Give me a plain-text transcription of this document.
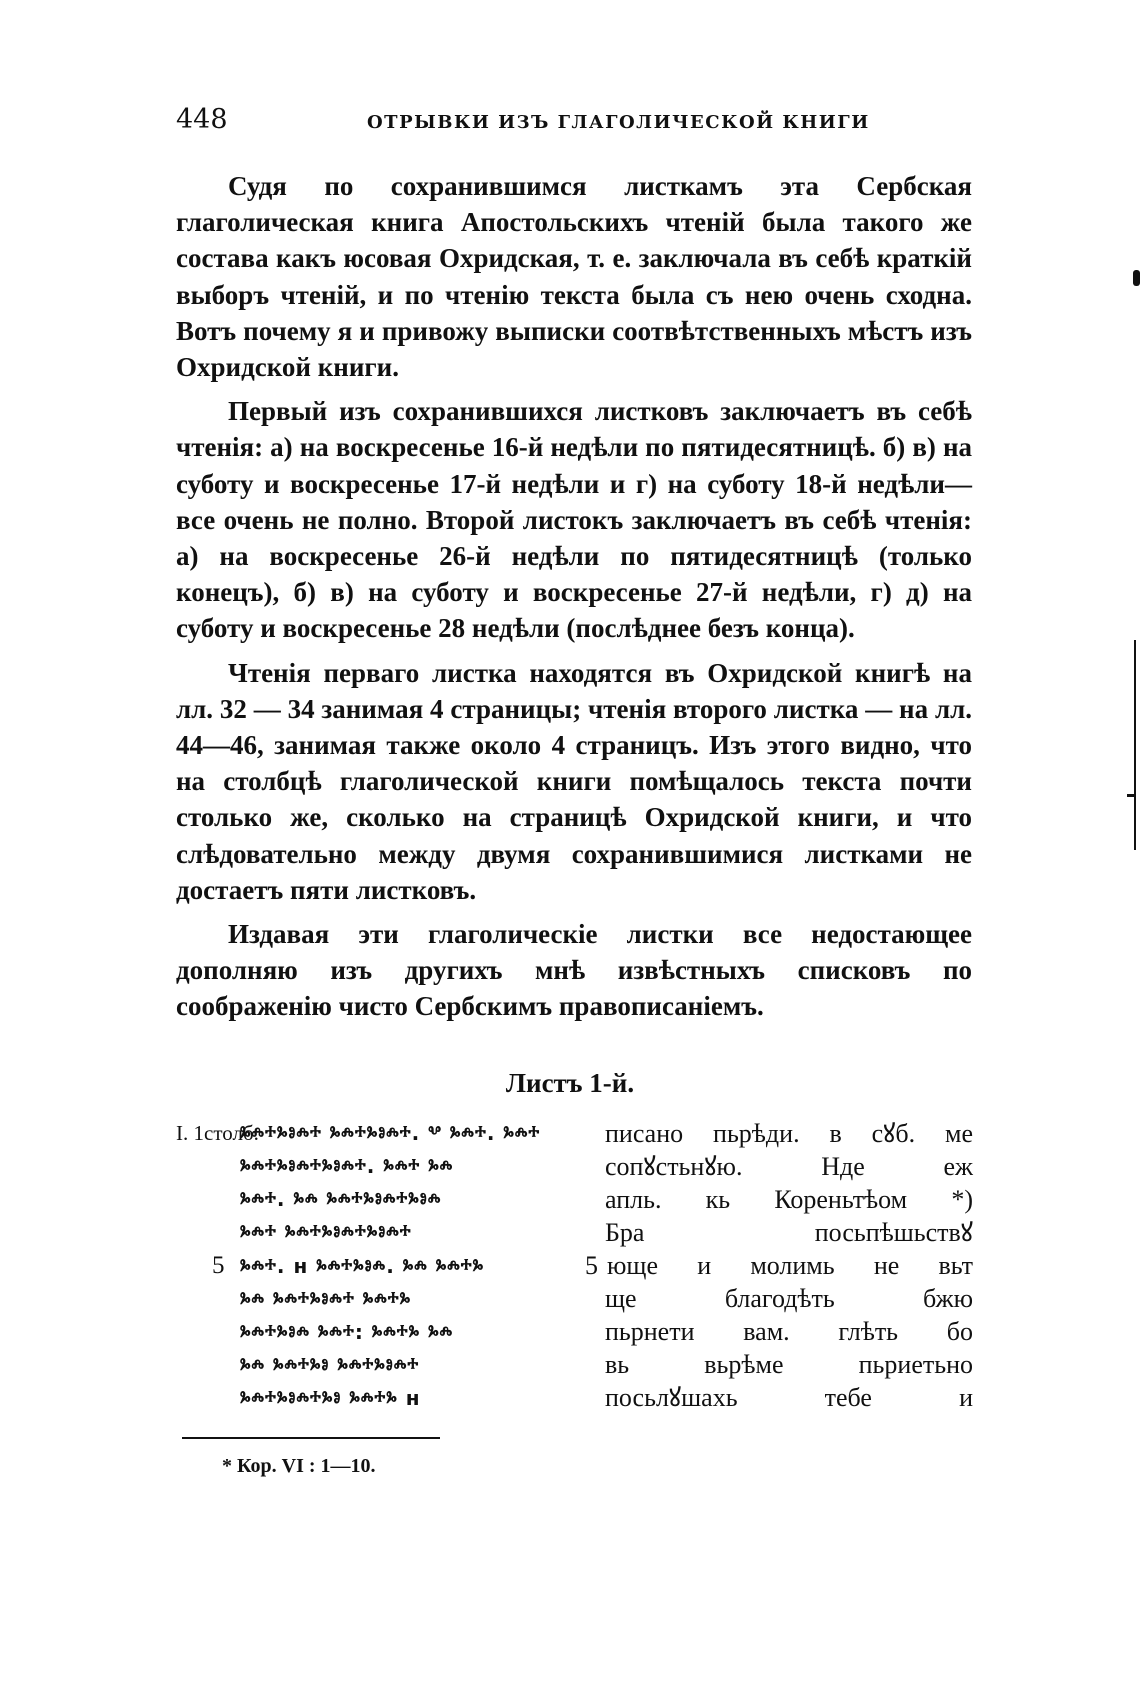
448	ОТРЫВКИ ИЗЪ ГЛАГОЛИЧЕСКОЙ КНИГИ

Судя по сохранившимся листкамъ эта Сербская глаголическая книга Апостольскихъ чтеній была такого же состава какъ юсовая Охридская, т. е. заключала въ себѣ краткій выборъ чтеній, и по чтенію текста была съ нею очень сходна. Вотъ почему я и привожу выписки соотвѣтственныхъ мѣстъ изъ Охридской книги.

Первый изъ сохранившихся листковъ заключаетъ въ себѣ чтенія: а) на воскресенье 16-й недѣли по пятидесятницѣ. б) в) на суботу и воскресенье 17-й недѣли и г) на суботу 18-й недѣли— все очень не полно. Второй листокъ заключаетъ въ себѣ чтенія: а) на воскресенье 26-й недѣли по пятидесятницѣ (только конецъ), б) в) на суботу и воскресенье 27-й недѣли, г) д) на суботу и воскресенье 28 недѣли (послѣднее безъ конца).

Чтенія перваго листка находятся въ Охридской книгѣ на лл. 32 — 34 занимая 4 страницы; чтенія второго листка — на лл. 44—46, занимая также около 4 страницъ. Изъ этого видно, что на столбцѣ глаголической книги помѣщалось текста почти столько же, сколько на страницѣ Охридской книги, и что слѣдовательно между двумя сохранившимися листками не достаетъ пяти листковъ.

Издавая эти глаголическіе листки все недостающее дополняю изъ другихъ мнѣ извѣстныхъ списковъ по соображенію чисто Сербскимъ правописаніемъ.

Листъ 1-й.
I. 1столб.
ⰳⰾⰰⰳⱁⰾⰰ ⰳⰾⰰⰳⱁⰾⰰ. ⰲ ⰳⰾⰰ. ⰳⰾⰰ
ⰳⰾⰰⰳⱁⰾⰰⰳⱁⰾⰰ. ⰳⰾⰰ ⰳⰾ
ⰳⰾⰰ. ⰳⰾ ⰳⰾⰰⰳⱁⰾⰰⰳⱁⰾ
ⰳⰾⰰ ⰳⰾⰰⰳⱁⰾⰰⰳⱁⰾⰰ
5 ⰳⰾⰰ. н ⰳⰾⰰⰳⱁⰾ. ⰳⰾ ⰳⰾⰰⰳ
ⰳⰾ ⰳⰾⰰⰳⱁⰾⰰ ⰳⰾⰰⰳ
ⰳⰾⰰⰳⱁⰾ ⰳⰾⰰ: ⰳⰾⰰⰳ ⰳⰾ
ⰳⰾ ⰳⰾⰰⰳⱁ ⰳⰾⰰⰳⱁⰾⰰ
ⰳⰾⰰⰳⱁⰾⰰⰳⱁ ⰳⰾⰰⰳ н
писано пьрѣди. в сꙋб. ме
сопꙋстьнꙋю. Нде еж
апль. кь Кореньтѣом *)
Бра посьпѣшьствꙋ
5 юще и молимь не вьт
ще благодѣть бжю
пьрнети вам. глѣть бо
вь вьрѣме пьриетьно
посьлꙋшахь тебе и
* Кор. VI : 1—10.
